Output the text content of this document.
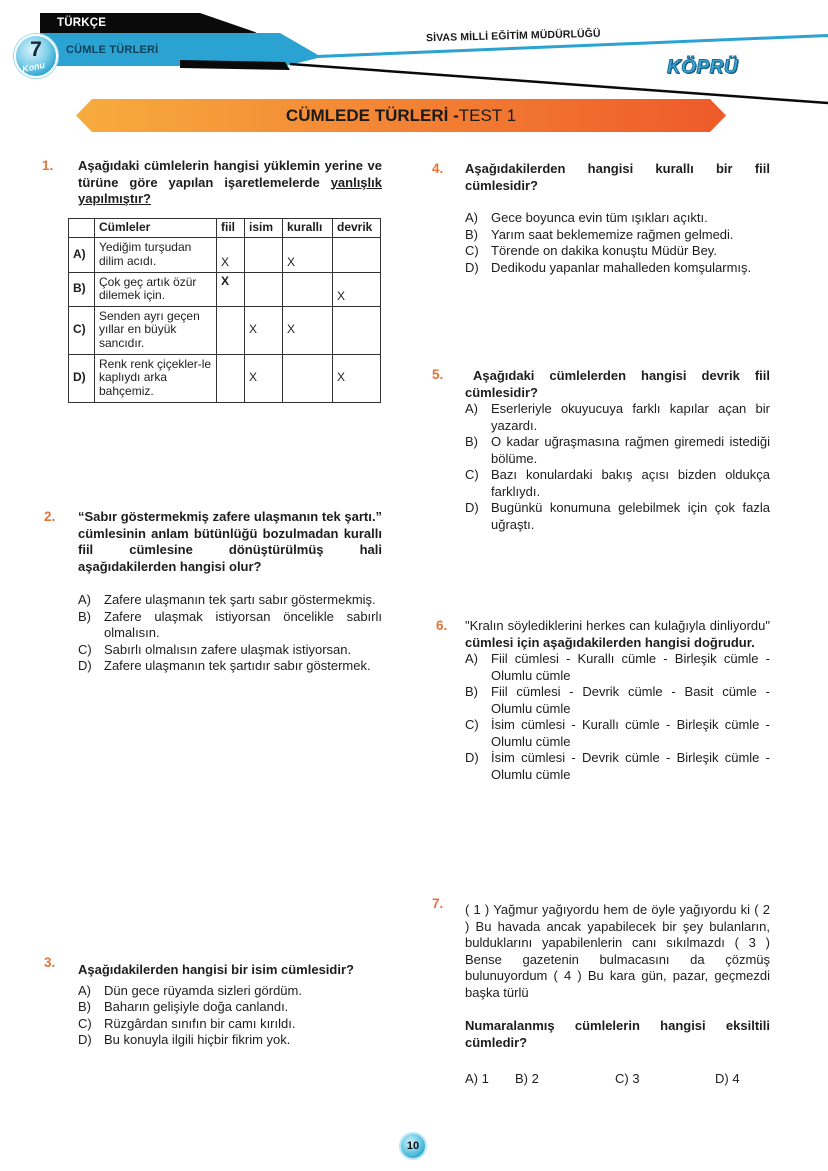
TÜRKÇE
CÜMLE TÜRLERİ
7
Konu
SİVAS MİLLİ EĞİTİM MÜDÜRLÜĞÜ
KÖPRÜ
CÜMLEDE TÜRLERİ -TEST 1
1. Aşağıdaki cümlelerin hangisi yüklemin yerine ve türüne göre yapılan işaretlemelerde yanlışlık yapılmıştır?
	Cümleler	fiil	isim	kurallı	devrik
A)	Yediğim turşudan dilim acıdı.	X		X	
B)	Çok geç artık özür dilemek için.	X			X
C)	Senden ayrı geçen yıllar en büyük sancıdır.		X	X	
D)	Renk renk çiçekler-le kaplıydı arka bahçemiz.		X		X
2. “Sabır göstermekmiş zafere ulaşmanın tek şartı.” cümlesinin anlam bütünlüğü bozulmadan kurallı fiil cümlesine dönüştürülmüş hali aşağıdakilerden hangisi olur?
A)	Zafere ulaşmanın tek şartı sabır göstermekmiş.
B)	Zafere ulaşmak istiyorsan öncelikle sabırlı olmalısın.
C) Sabırlı olmalısın zafere ulaşmak istiyorsan.
D) Zafere ulaşmanın tek şartıdır sabır göstermek.
3. Aşağıdakilerden hangisi bir isim cümlesidir?
A)	Dün gece rüyamda sizleri gördüm.
B)	Baharın gelişiyle doğa canlandı.
C) Rüzgârdan sınıfın bir camı kırıldı.
D) Bu konuyla ilgili hiçbir fikrim yok.
4. Aşağıdakilerden hangisi kurallı bir fiil cümlesidir?
A)	Gece boyunca evin tüm ışıkları açıktı.
B)	Yarım saat beklememize rağmen gelmedi.
C) Törende on dakika konuştu Müdür Bey.
D) Dedikodu yapanlar mahalleden komşularmış.
5.	Aşağıdaki cümlelerden hangisi devrik fiil cümlesidir?
A)	Eserleriyle okuyucuya farklı kapılar açan bir yazardı.
B)	O kadar uğraşmasına rağmen giremedi istediği bölüme.
C) Bazı konulardaki bakış açısı bizden oldukça farklıydı.
D) Bugünkü konumuna gelebilmek için çok fazla uğraştı.
6. "Kralın söylediklerini herkes can kulağıyla dinliyordu" cümlesi için aşağıdakilerden hangisi doğrudur.
A)	Fiil cümlesi - Kurallı cümle - Birleşik cümle - Olumlu cümle
B)	Fiil cümlesi - Devrik cümle - Basit cümle - Olumlu cümle
C) İsim cümlesi - Kurallı cümle - Birleşik cümle - Olumlu cümle
D) İsim cümlesi - Devrik cümle - Birleşik cümle - Olumlu cümle
7. ( 1 ) Yağmur yağıyordu hem de öyle yağıyordu ki ( 2 ) Bu havada ancak yapabilecek bir şey bulanların, bulduklarını yapabilenlerin canı sıkılmazdı ( 3 ) Bense gazetenin bulmacasını da çözmüş bulunuyordum ( 4 ) Bu kara gün, pazar, geçmezdi başka türlü
Numaralanmış cümlelerin hangisi eksiltili cümledir?
A) 1	B) 2	C) 3	D) 4
10
